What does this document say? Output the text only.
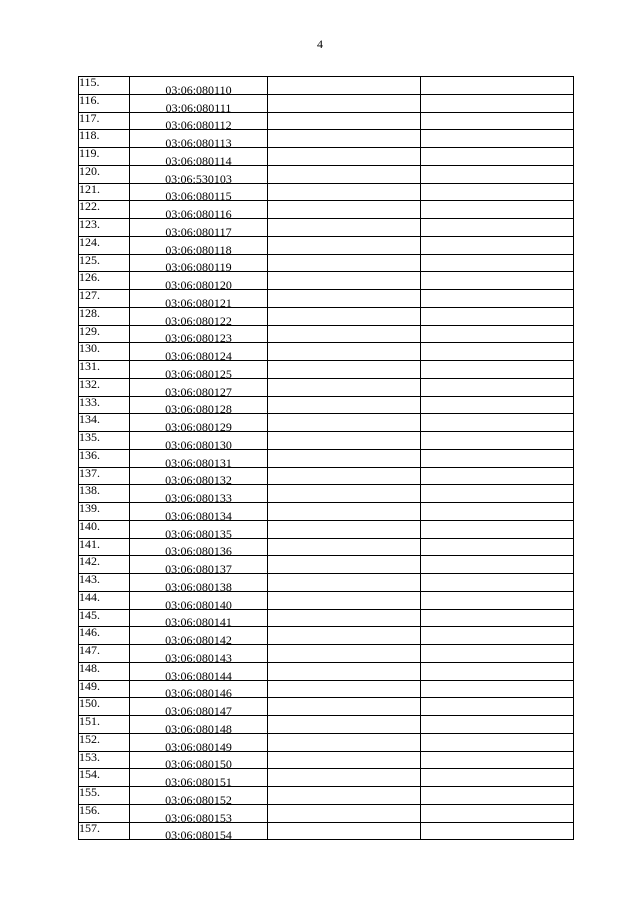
4
115.	03:06:080110		
116.	03:06:080111		
117.	03:06:080112		
118.	03:06:080113		
119.	03:06:080114		
120.	03:06:530103		
121.	03:06:080115		
122.	03:06:080116		
123.	03:06:080117		
124.	03:06:080118		
125.	03:06:080119		
126.	03:06:080120		
127.	03:06:080121		
128.	03:06:080122		
129.	03:06:080123		
130.	03:06:080124		
131.	03:06:080125		
132.	03:06:080127		
133.	03:06:080128		
134.	03:06:080129		
135.	03:06:080130		
136.	03:06:080131		
137.	03:06:080132		
138.	03:06:080133		
139.	03:06:080134		
140.	03:06:080135		
141.	03:06:080136		
142.	03:06:080137		
143.	03:06:080138		
144.	03:06:080140		
145.	03:06:080141		
146.	03:06:080142		
147.	03:06:080143		
148.	03:06:080144		
149.	03:06:080146		
150.	03:06:080147		
151.	03:06:080148		
152.	03:06:080149		
153.	03:06:080150		
154.	03:06:080151		
155.	03:06:080152		
156.	03:06:080153		
157.	03:06:080154		
